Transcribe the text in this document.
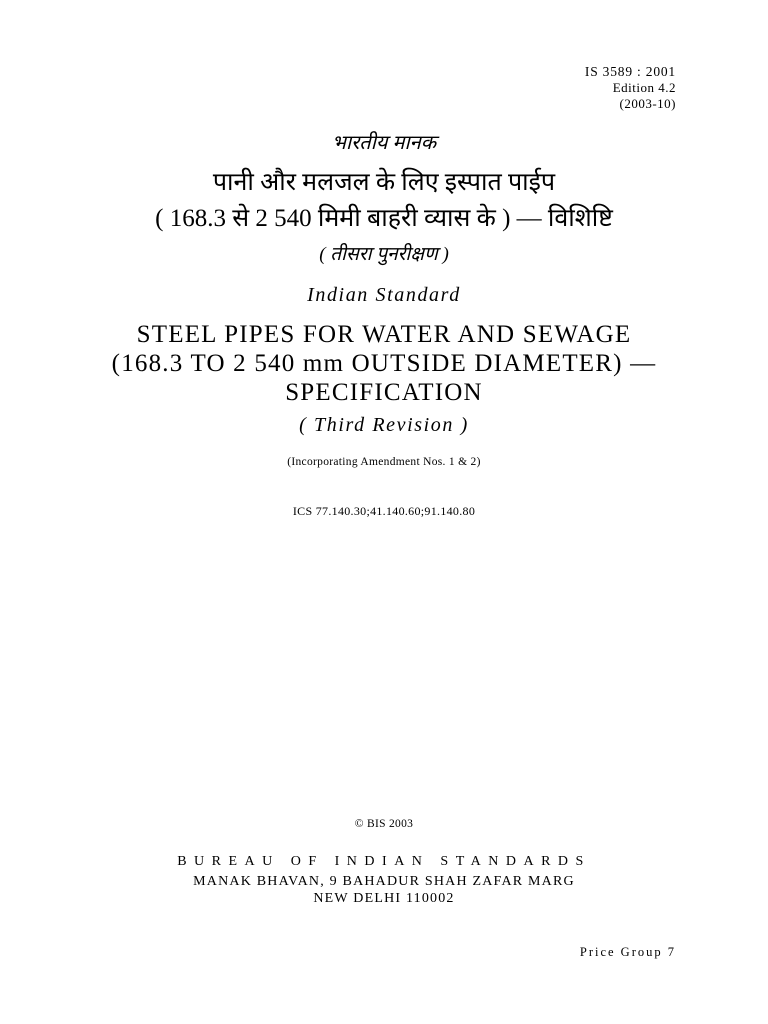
IS 3589 : 2001
Edition 4.2
(2003-10)
भारतीय मानक
पानी और मलजल के लिए इस्पात पाईप
( 168.3 से 2 540 मिमी बाहरी व्यास के ) — विशिष्टि
( तीसरा पुनरीक्षण )
Indian Standard
STEEL PIPES FOR WATER AND SEWAGE
(168.3 TO 2 540 mm OUTSIDE DIAMETER) —
SPECIFICATION
( Third Revision )
(Incorporating Amendment Nos. 1 & 2)
ICS 77.140.30;41.140.60;91.140.80
© BIS 2003
BUREAU OF INDIAN STANDARDS
MANAK BHAVAN, 9 BAHADUR SHAH ZAFAR MARG
NEW DELHI 110002
Price Group 7
